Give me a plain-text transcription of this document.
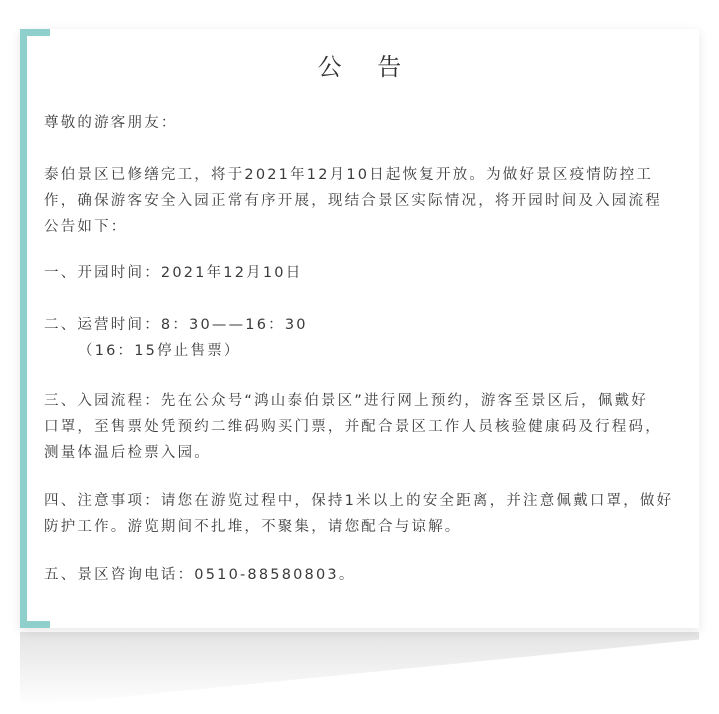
公 告
尊敬的游客朋友：
泰伯景区已修缮完工，将于2021年12月10日起恢复开放。为做好景区疫情防控工
作，确保游客安全入园正常有序开展，现结合景区实际情况，将开园时间及入园流程
公告如下：
一、开园时间：2021年12月10日
二、运营时间：8：30——16：30
（16：15停止售票）
三、入园流程：先在公众号“鸿山泰伯景区”进行网上预约，游客至景区后，佩戴好
口罩，至售票处凭预约二维码购买门票，并配合景区工作人员核验健康码及行程码，
测量体温后检票入园。
四、注意事项：请您在游览过程中，保持1米以上的安全距离，并注意佩戴口罩，做好
防护工作。游览期间不扎堆，不聚集，请您配合与谅解。
五、景区咨询电话：0510-88580803。
